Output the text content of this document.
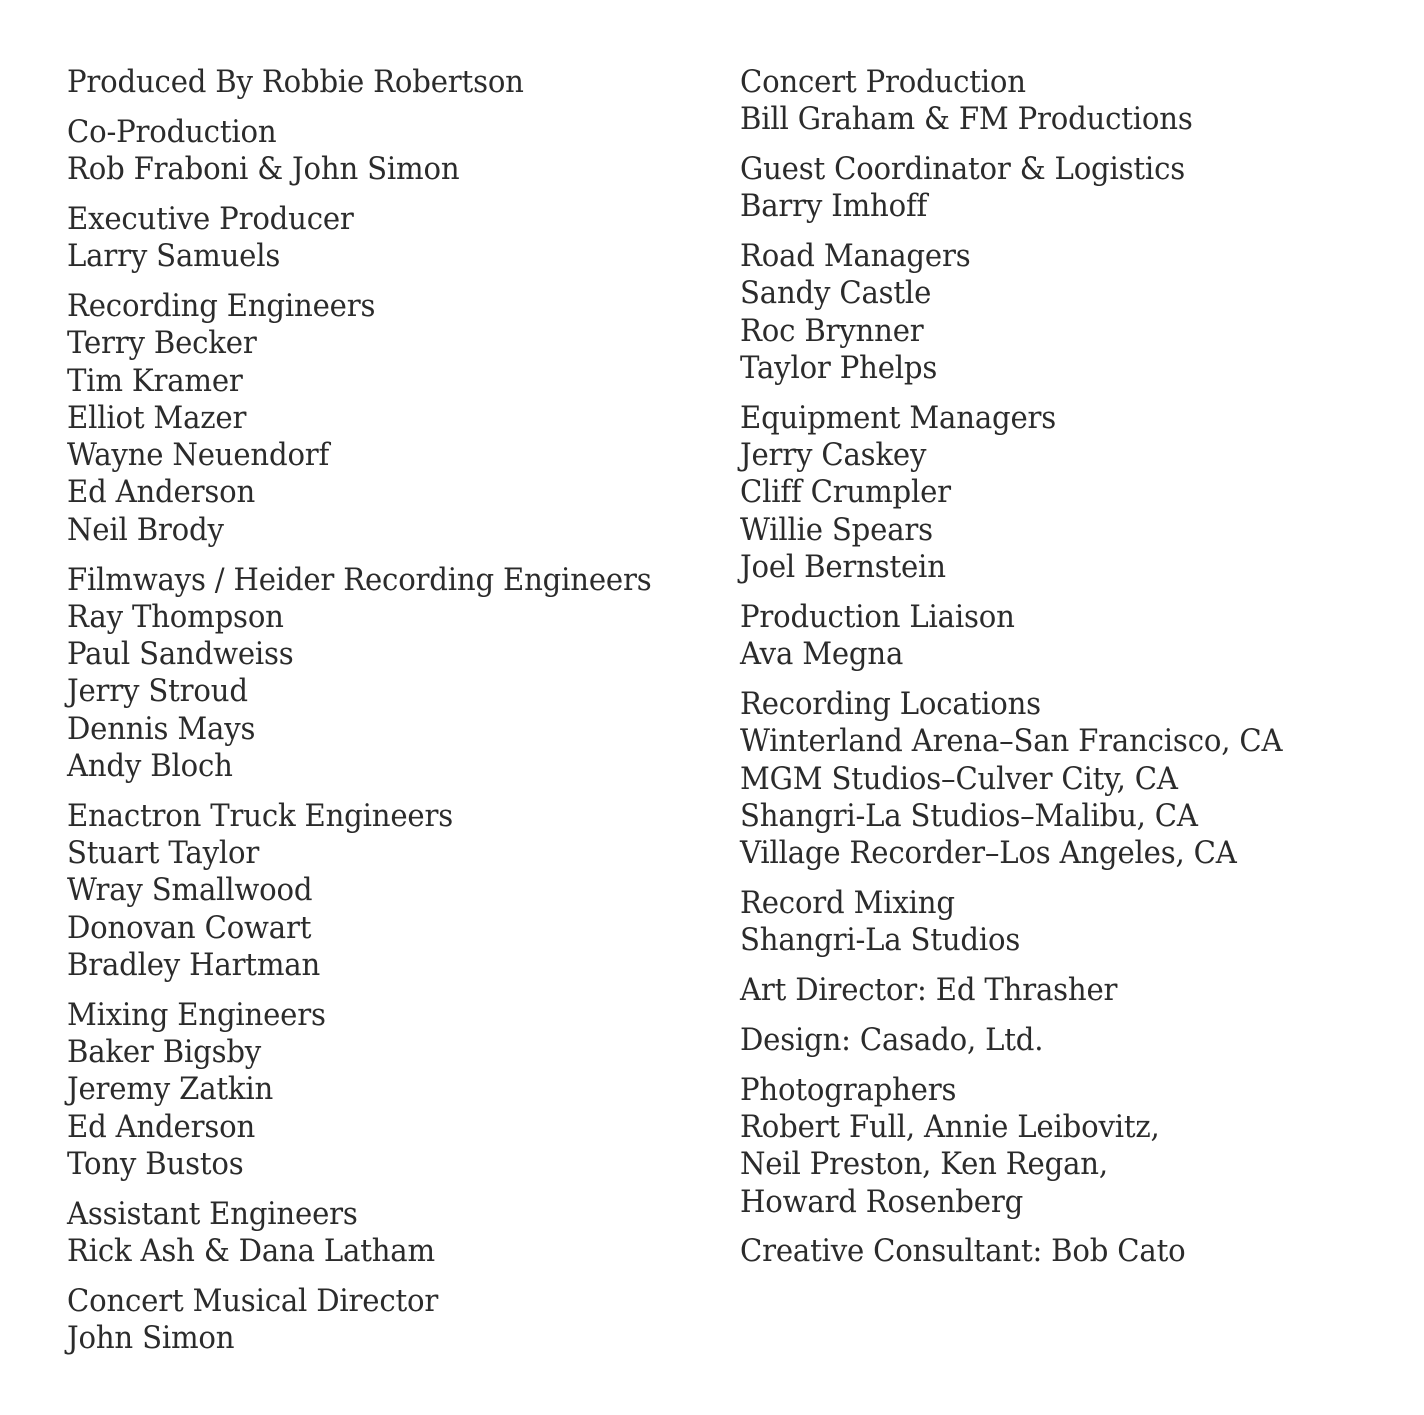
Produced By Robbie Robertson
Co-Production
Rob Fraboni & John Simon
Executive Producer
Larry Samuels
Recording Engineers
Terry Becker
Tim Kramer
Elliot Mazer
Wayne Neuendorf
Ed Anderson
Neil Brody
Filmways / Heider Recording Engineers
Ray Thompson
Paul Sandweiss
Jerry Stroud
Dennis Mays
Andy Bloch
Enactron Truck Engineers
Stuart Taylor
Wray Smallwood
Donovan Cowart
Bradley Hartman
Mixing Engineers
Baker Bigsby
Jeremy Zatkin
Ed Anderson
Tony Bustos
Assistant Engineers
Rick Ash & Dana Latham
Concert Musical Director
John Simon
Concert Production
Bill Graham & FM Productions
Guest Coordinator & Logistics
Barry Imhoff
Road Managers
Sandy Castle
Roc Brynner
Taylor Phelps
Equipment Managers
Jerry Caskey
Cliff Crumpler
Willie Spears
Joel Bernstein
Production Liaison
Ava Megna
Recording Locations
Winterland Arena–San Francisco, CA
MGM Studios–Culver City, CA
Shangri-La Studios–Malibu, CA
Village Recorder–Los Angeles, CA
Record Mixing
Shangri-La Studios
Art Director: Ed Thrasher
Design: Casado, Ltd.
Photographers
Robert Full, Annie Leibovitz,
Neil Preston, Ken Regan,
Howard Rosenberg
Creative Consultant: Bob Cato
